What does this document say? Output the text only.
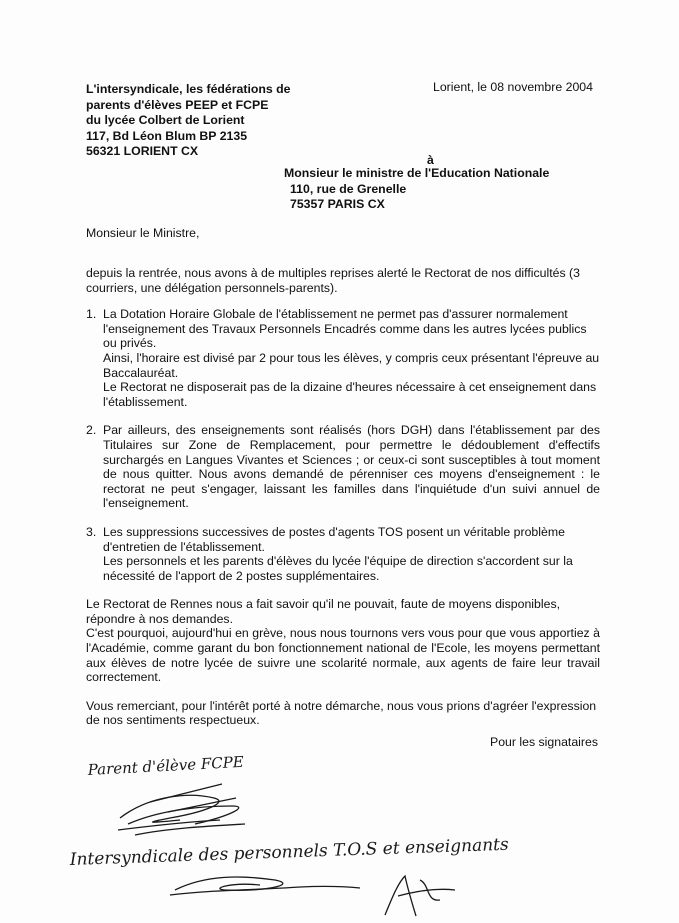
L'intersyndicale, les fédérations de
parents d'élèves PEEP et FCPE
du lycée Colbert de Lorient
117, Bd Léon Blum BP 2135
56321 LORIENT CX
Lorient, le 08 novembre 2004
à
Monsieur le ministre de l'Education Nationale
110, rue de Grenelle
75357 PARIS CX
Monsieur le Ministre,

depuis la rentrée, nous avons à de multiples reprises alerté le Rectorat de nos difficultés (3 courriers, une délégation personnels-parents).

1. La Dotation Horaire Globale de l'établissement ne permet pas d'assurer normalement l'enseignement des Travaux Personnels Encadrés comme dans les autres lycées publics ou privés.

Ainsi, l'horaire est divisé par 2 pour tous les élèves, y compris ceux présentant l'épreuve au Baccalauréat.

Le Rectorat ne disposerait pas de la dizaine d'heures nécessaire à cet enseignement dans l'établissement.

2. Par ailleurs, des enseignements sont réalisés (hors DGH) dans l'établissement par des Titulaires sur Zone de Remplacement, pour permettre le dédoublement d'effectifs surchargés en Langues Vivantes et Sciences ; or ceux-ci sont susceptibles à tout moment de nous quitter. Nous avons demandé de pérenniser ces moyens d'enseignement : le rectorat ne peut s'engager, laissant les familles dans l'inquiétude d'un suivi annuel de l'enseignement.

3. Les suppressions successives de postes d'agents TOS posent un véritable problème d'entretien de l'établissement.

Les personnels et les parents d'élèves du lycée l'équipe de direction s'accordent sur la nécessité de l'apport de 2 postes supplémentaires.

Le Rectorat de Rennes nous a fait savoir qu'il ne pouvait, faute de moyens disponibles, répondre à nos demandes.

C'est pourquoi, aujourd'hui en grève, nous nous tournons vers vous pour que vous apportiez à l'Académie, comme garant du bon fonctionnement national de l'Ecole, les moyens permettant aux élèves de notre lycée de suivre une scolarité normale, aux agents de faire leur travail correctement.

Vous remerciant, pour l'intérêt porté à notre démarche, nous vous prions d'agréer l'expression de nos sentiments respectueux.

Pour les signataires
Parent d'élève FCPE
Intersyndicale des personnels T.O.S et enseignants
